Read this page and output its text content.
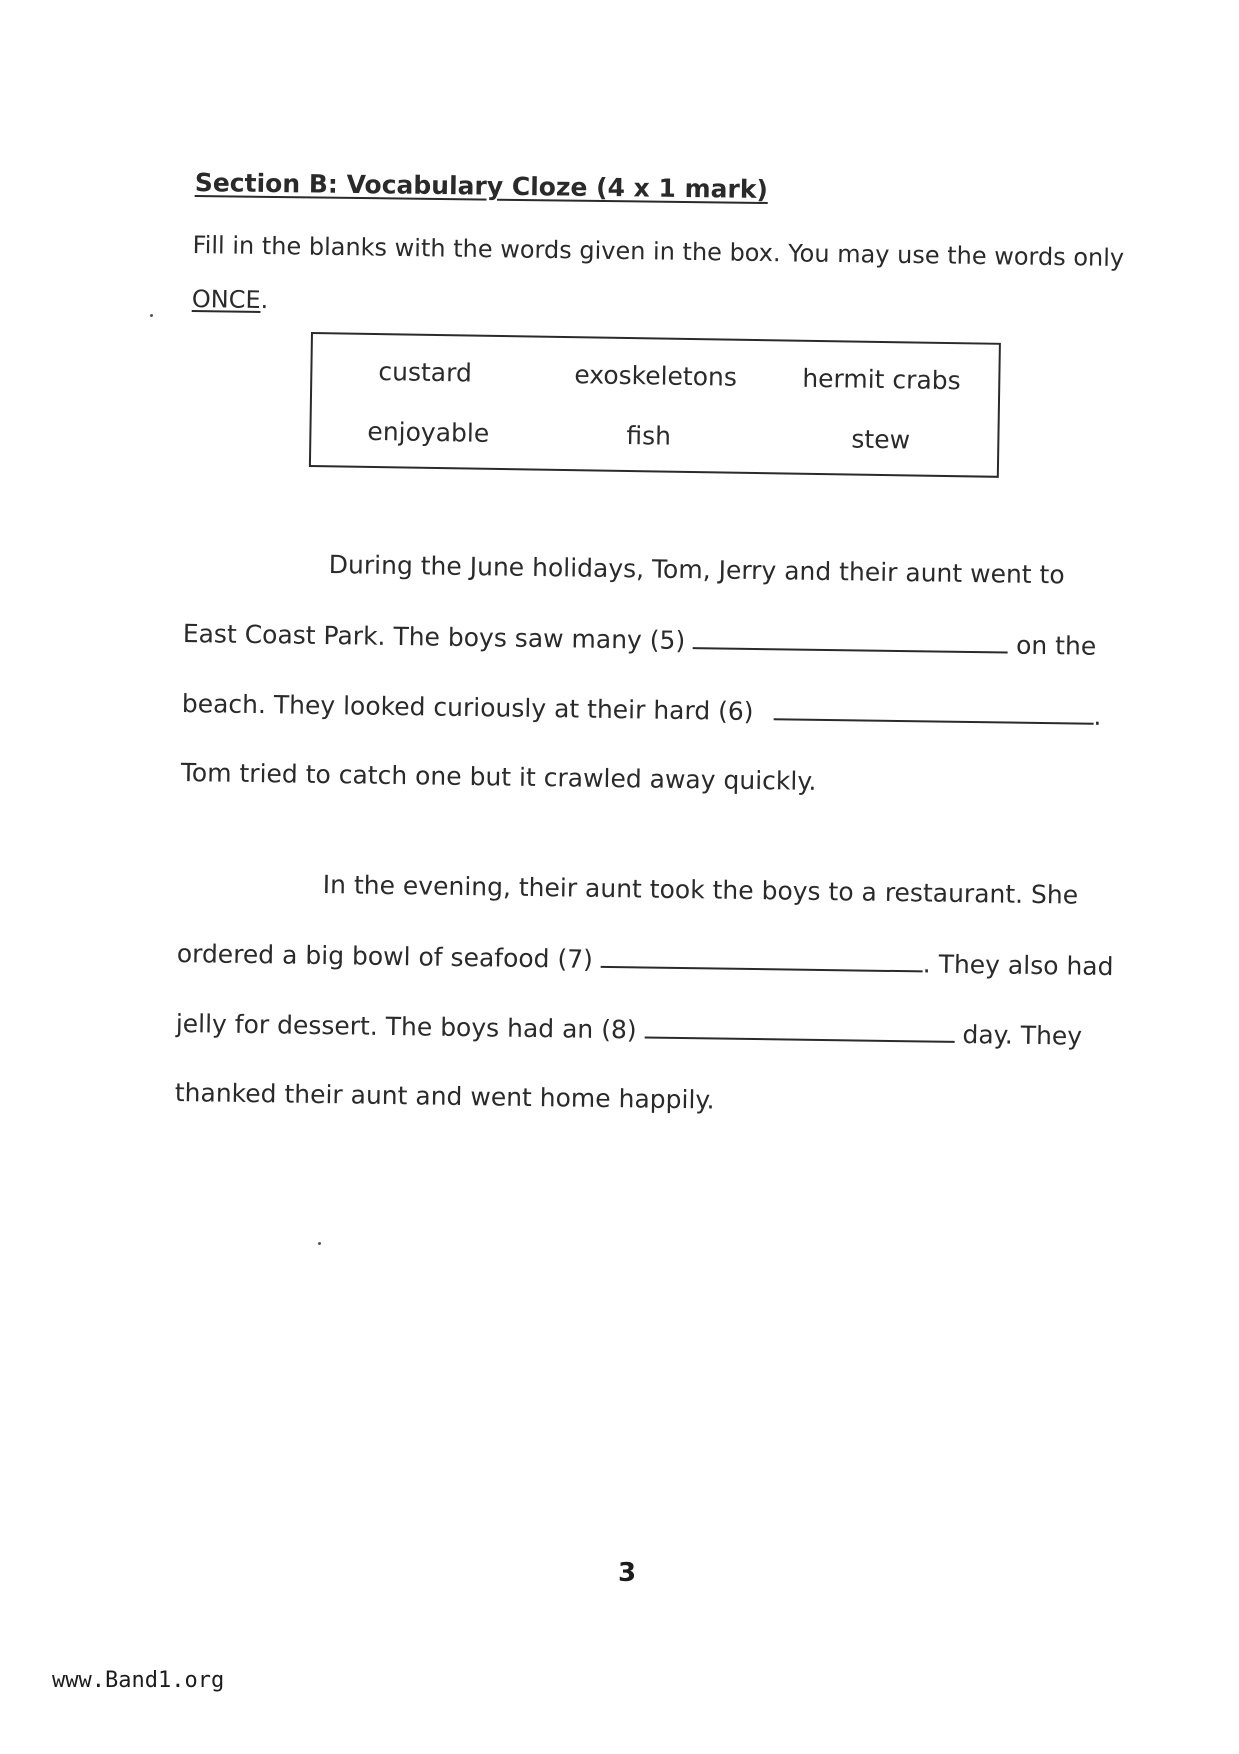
Section B: Vocabulary Cloze (4 x 1 mark)
Fill in the blanks with the words given in the box. You may use the words only ONCE.
custard	exoskeletons	hermit crabs
enjoyable	fish	stew
During the June holidays, Tom, Jerry and their aunt went to
East Coast Park. The boys saw many (5)	on the
beach. They looked curiously at their hard (6)	.
Tom tried to catch one but it crawled away quickly.
In the evening, their aunt took the boys to a restaurant. She
ordered a big bowl of seafood (7)	. They also had
jelly for dessert. The boys had an (8)	day. They
thanked their aunt and went home happily.
3
www.Band1.org
